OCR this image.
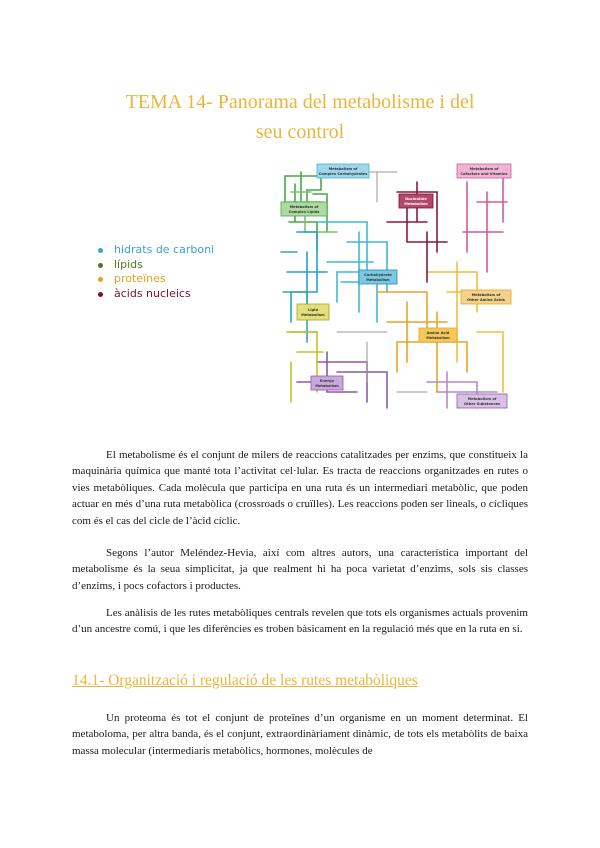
TEMA 14- Panorama del metabolisme i del
seu control
hidrats de carboni
lípids
proteïnes
àcids nucleics
Metabolism of
Complex Carbohydrates
Metabolism of
Cofactors and Vitamins
Metabolism of
Complex Lipids
Nucleotide
Metabolism
Carbohydrate
Metabolism
Metabolism of
Other Amino Acids
Lipid
Metabolism
Amino Acid
Metabolism
Energy
Metabolism
Metabolism of
Other Substances

El metabolisme és el conjunt de milers de reaccions catalitzades per enzims, que constitueix la maquinària química que manté tota l’activitat cel·lular. Es tracta de reaccions organitzades en rutes o vies metabòliques. Cada molècula que participa en una ruta és un intermediari metabòlic, que poden actuar en més d’una ruta metabòlica (crossroads o cruïlles). Les reaccions poden ser lineals, o cícliques com és el cas del cicle de l’àcid cíclic.

Segons l’autor Meléndez-Hevia, així com altres autors, una característica important del metabolisme és la seua simplicitat, ja que realment hi ha poca varietat d’enzims, sols sis classes d’enzims, i pocs cofactors i productes.

Les anàlisis de les rutes metabòliques centrals revelen que tots els organismes actuals provenim d’un ancestre comú, i que les diferències es troben bàsicament en la regulació més que en la ruta en si.

14.1- Organització i regulació de les rutes metabòliques

Un proteoma és tot el conjunt de proteïnes d’un organisme en un moment determinat. El metaboloma, per altra banda, és el conjunt, extraordinàriament dinàmic, de tots els metabòlits de baixa massa molecular (intermediaris metabòlics, hormones, molècules de
